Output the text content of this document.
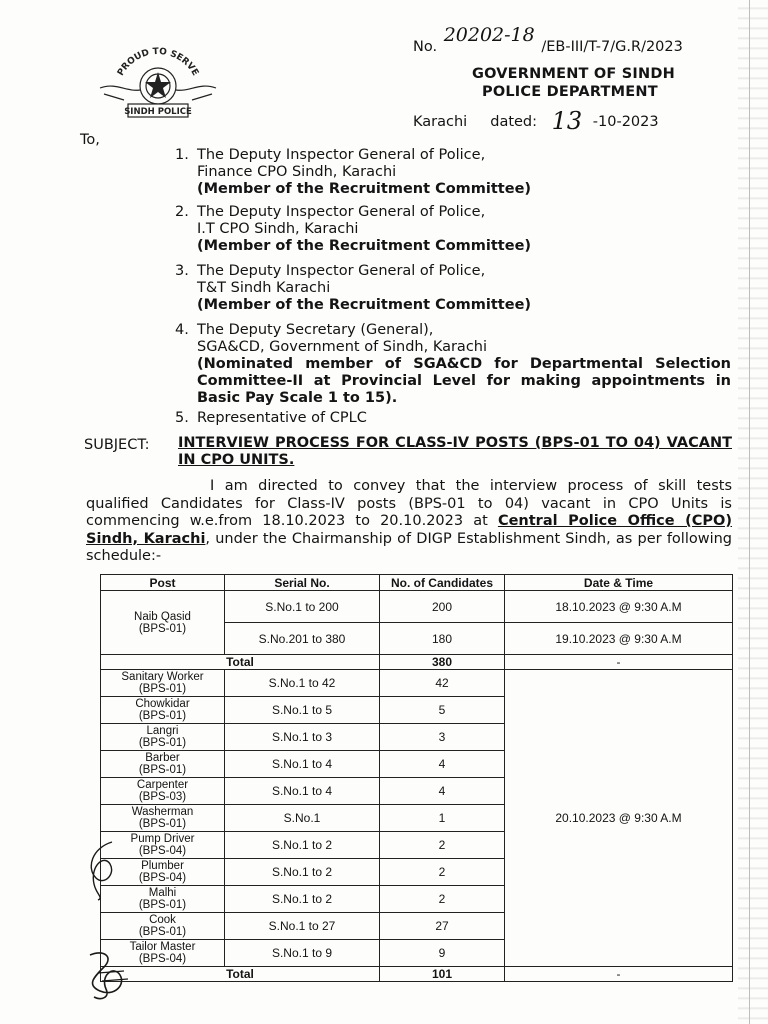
PROUD TO SERVE
SINDH POLICE
No. 20202-18 /EB-III/T-7/G.R/2023
GOVERNMENT OF SINDH
POLICE DEPARTMENT
Karachi dated: 13 -10-2023
To,
1. The Deputy Inspector General of Police,
Finance CPO Sindh, Karachi
(Member of the Recruitment Committee)
2. The Deputy Inspector General of Police,
I.T CPO Sindh, Karachi
(Member of the Recruitment Committee)
3. The Deputy Inspector General of Police,
T&T Sindh Karachi
(Member of the Recruitment Committee)
4. The Deputy Secretary (General),
SGA&CD, Government of Sindh, Karachi
(Nominated member of SGA&CD for Departmental Selection Committee-II at Provincial Level for making appointments in Basic Pay Scale 1 to 15).
5. Representative of CPLC
SUBJECT: INTERVIEW PROCESS FOR CLASS-IV POSTS (BPS-01 TO 04) VACANT IN CPO UNITS.

I am directed to convey that the interview process of skill tests qualified Candidates for Class-IV posts (BPS-01 to 04) vacant in CPO Units is commencing w.e.from 18.10.2023 to 20.10.2023 at Central Police Office (CPO) Sindh, Karachi, under the Chairmanship of DIGP Establishment Sindh, as per following schedule:-

Post	Serial No.	No. of Candidates	Date & Time

Naib Qasid
(BPS-01)	S.No.1 to 200	200	18.10.2023 @ 9:30 A.M
	S.No.201 to 380	180	19.10.2023 @ 9:30 A.M
Total		380	-

Sanitary Worker
(BPS-01)	S.No.1 to 42	42	20.10.2023 @ 9:30 A.M

Chowkidar
(BPS-01)	S.No.1 to 5	5	

Langri
(BPS-01)	S.No.1 to 3	3	

Barber
(BPS-01)	S.No.1 to 4	4	

Carpenter
(BPS-03)	S.No.1 to 4	4	

Washerman
(BPS-01)	S.No.1	1	

Pump Driver
(BPS-04)	S.No.1 to 2	2	

Plumber
(BPS-04)	S.No.1 to 2	2	

Malhi
(BPS-01)	S.No.1 to 2	2	

Cook
(BPS-01)	S.No.1 to 27	27	

Tailor Master
(BPS-04)	S.No.1 to 9	9	
Total		101	-
